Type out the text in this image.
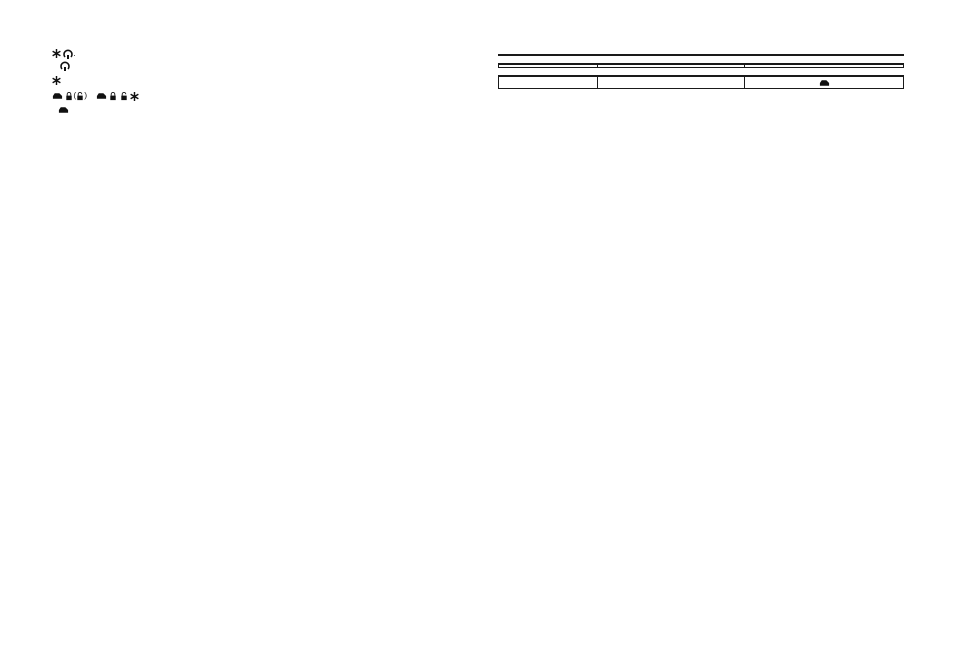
.

( )
